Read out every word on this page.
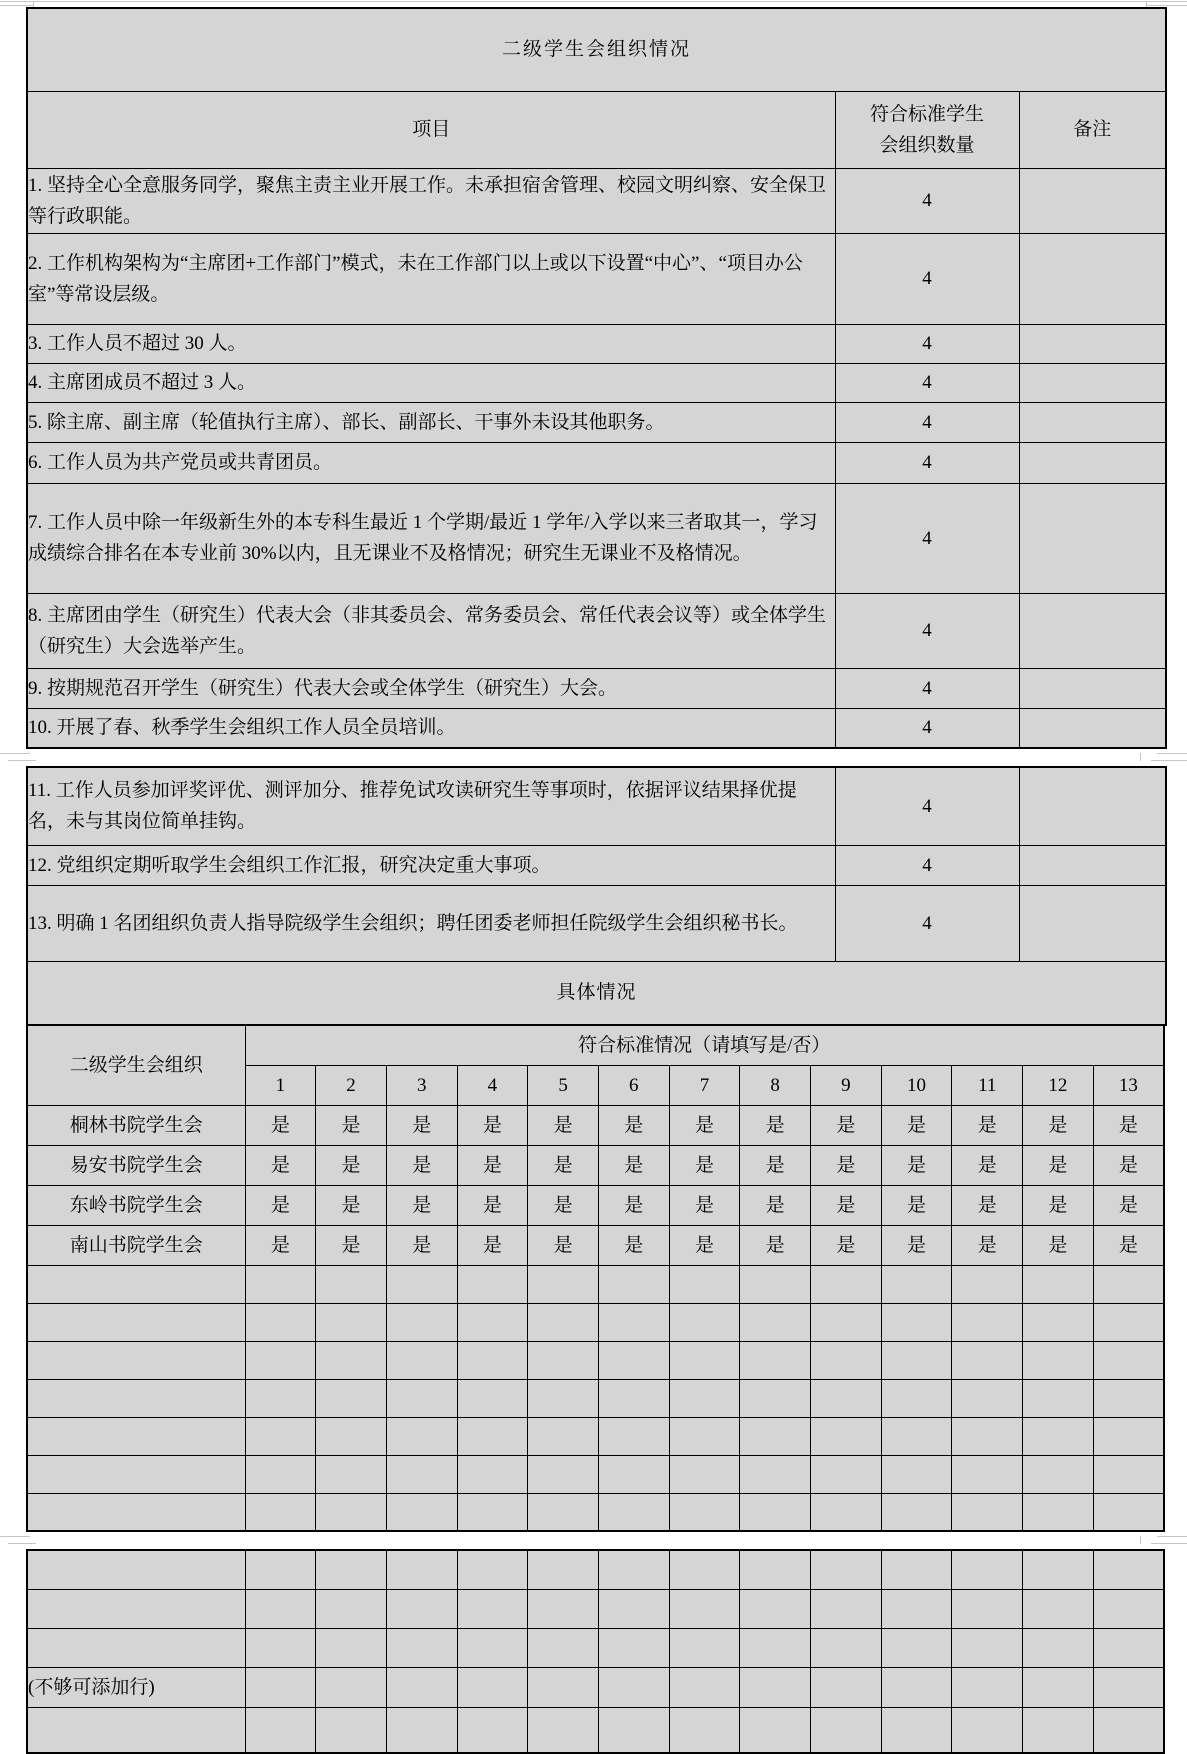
二级学生会组织情况		
项目	符合标准学生会组织数量	备注
1. 坚持全心全意服务同学，聚焦主责主业开展工作。未承担宿舍管理、校园文明纠察、安全保卫等行政职能。	4	
2. 工作机构架构为“主席团+工作部门”模式，未在工作部门以上或以下设置“中心”、“项目办公室”等常设层级。	4	
3. 工作人员不超过 30 人。	4	
4. 主席团成员不超过 3 人。	4	
5. 除主席、副主席（轮值执行主席）、部长、副部长、干事外未设其他职务。	4	
6. 工作人员为共产党员或共青团员。	4	
7. 工作人员中除一年级新生外的本专科生最近 1 个学期/最近 1 学年/入学以来三者取其一，学习成绩综合排名在本专业前 30%以内，且无课业不及格情况；研究生无课业不及格情况。	4	
8. 主席团由学生（研究生）代表大会（非其委员会、常务委员会、常任代表会议等）或全体学生（研究生）大会选举产生。	4	
9. 按期规范召开学生（研究生）代表大会或全体学生（研究生）大会。	4	
10. 开展了春、秋季学生会组织工作人员全员培训。	4	
11. 工作人员参加评奖评优、测评加分、推荐免试攻读研究生等事项时，依据评议结果择优提名，未与其岗位简单挂钩。	4	
12. 党组织定期听取学生会组织工作汇报，研究决定重大事项。	4	
13. 明确 1 名团组织负责人指导院级学生会组织；聘任团委老师担任院级学生会组织秘书长。	4	
具体情况		
二级学生会组织	符合标准情况（请填写是/否）												
	1	2	3	4	5	6	7	8	9	10	11	12	13
桐林书院学生会	是	是	是	是	是	是	是	是	是	是	是	是	是
易安书院学生会	是	是	是	是	是	是	是	是	是	是	是	是	是
东岭书院学生会	是	是	是	是	是	是	是	是	是	是	是	是	是
南山书院学生会	是	是	是	是	是	是	是	是	是	是	是	是	是

(不够可添加行)													
